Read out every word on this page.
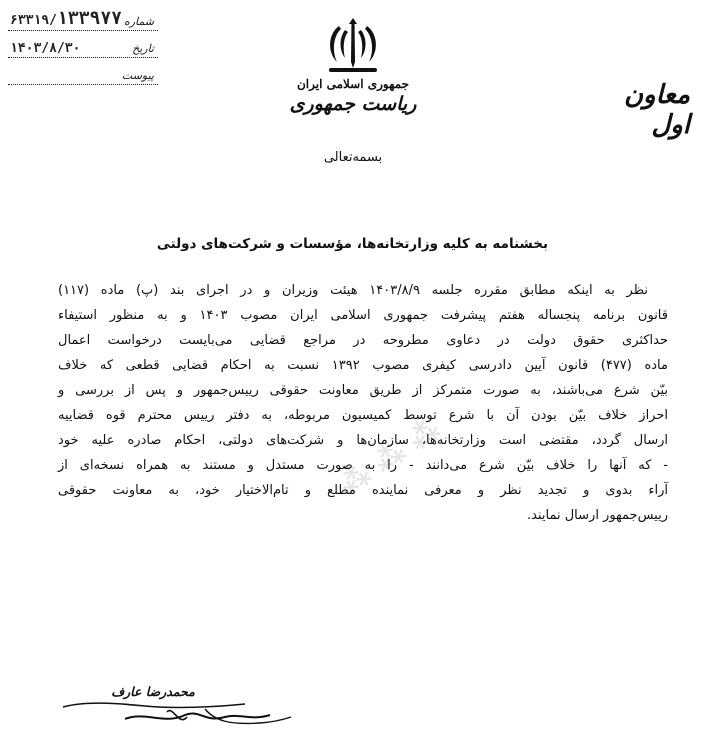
۶۳۳۱۹/۱۳۳۹۷۷ شماره
۱۴۰۳/۸/۳۰	تاریخ
پیوست
جمهوری اسلامی ایران
ریاست جمهوری	معاون اول
بسمه‌تعالی
بخشنامه به کلیه وزارتخانه‌ها، مؤسسات و شرکت‌های دولتی
⁂ ⁂ ⁂
نظر به اینکه مطابق مقرره جلسه ۱۴۰۳/۸/۹ هیئت وزیران و در اجرای بند (پ) ماده (۱۱۷)
قانون برنامه پنجساله هفتم پیشرفت جمهوری اسلامی ایران مصوب ۱۴۰۳ و به منظور استیفاء
حداکثری حقوق دولت در دعاوی مطروحه در مراجع قضایی می‌بایست درخواست اعمال
ماده (۴۷۷) قانون آیین دادرسی کیفری مصوب ۱۳۹۲ نسبت به احکام قضایی قطعی که خلاف
بیّن شرع می‌باشند، به صورت متمرکز از طریق معاونت حقوقی رییس‌جمهور و پس از بررسی و
احراز خلاف بیّن بودن آن با شرع توسط کمیسیون مربوطه، به دفتر رییس محترم قوه قضاییه
ارسال گردد، مقتضی است وزارتخانه‌ها، سازمان‌ها و شرکت‌های دولتی، احکام صادره علیه خود
- که آنها را خلاف بیّن شرع می‌دانند - را به صورت مستدل و مستند به همراه نسخه‌ای از
آراء بدوی و تجدید نظر و معرفی نماینده مطلع و تام‌الاختیار خود، به معاونت حقوقی
رییس‌جمهور ارسال نمایند.
محمدرضا عارف
